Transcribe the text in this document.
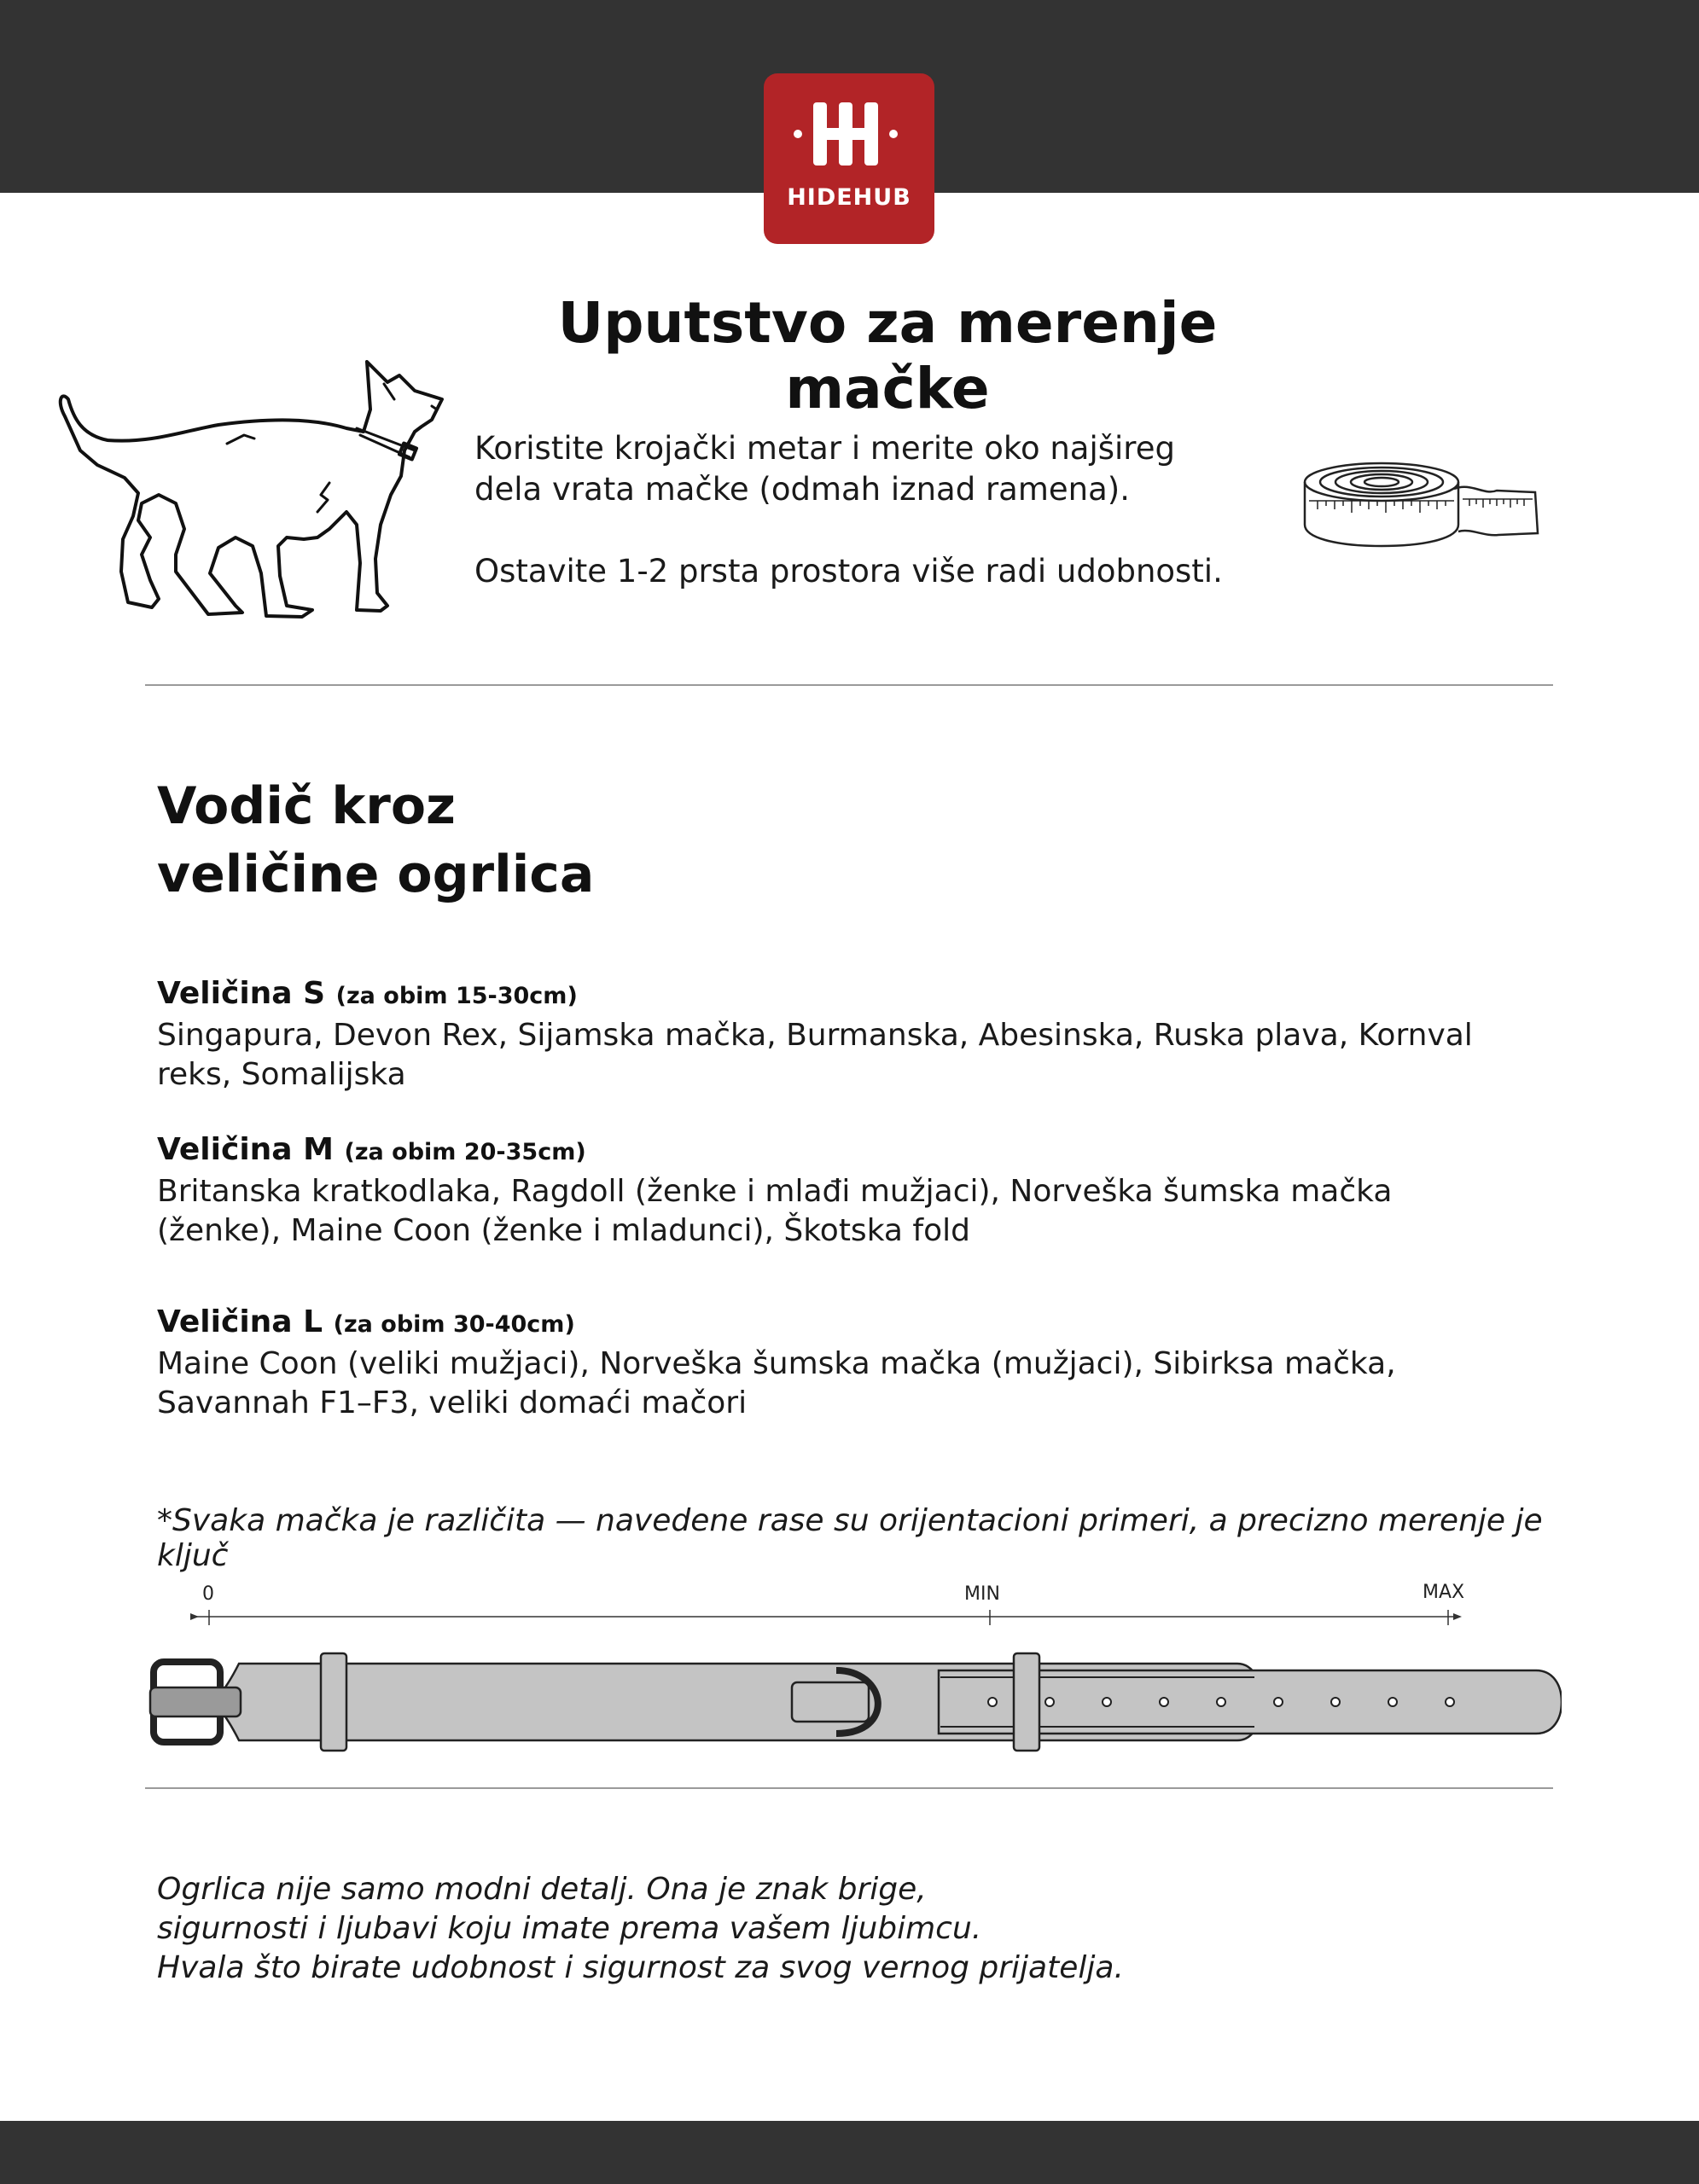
HIDEHUB
Uputstvo za merenje mačke

Koristite krojački metar i merite oko najšireg dela vrata mačke (odmah iznad ramena).

Ostavite 1-2 prsta prostora više radi udobnosti.

Vodič kroz
veličine ogrlica
Veličina S (za obim 15-30cm)
Singapura, Devon Rex, Sijamska mačka, Burmanska, Abesinska, Ruska plava, Kornval reks, Somalijska
Veličina M (za obim 20-35cm)
Britanska kratkodlaka, Ragdoll (ženke i mlađi mužjaci), Norveška šumska mačka (ženke), Maine Coon (ženke i mladunci), Škotska fold
Veličina L (za obim 30-40cm)
Maine Coon (veliki mužjaci), Norveška šumska mačka (mužjaci), Sibirksa mačka, Savannah F1–F3, veliki domaći mačori
*Svaka mačka je različita — navedene rase su orijentacioni primeri, a precizno merenje je ključ
0	MIN	MAX
Ogrlica nije samo modni detalj. Ona je znak brige,
sigurnosti i ljubavi koju imate prema vašem ljubimcu.
Hvala što birate udobnost i sigurnost za svog vernog prijatelja.
